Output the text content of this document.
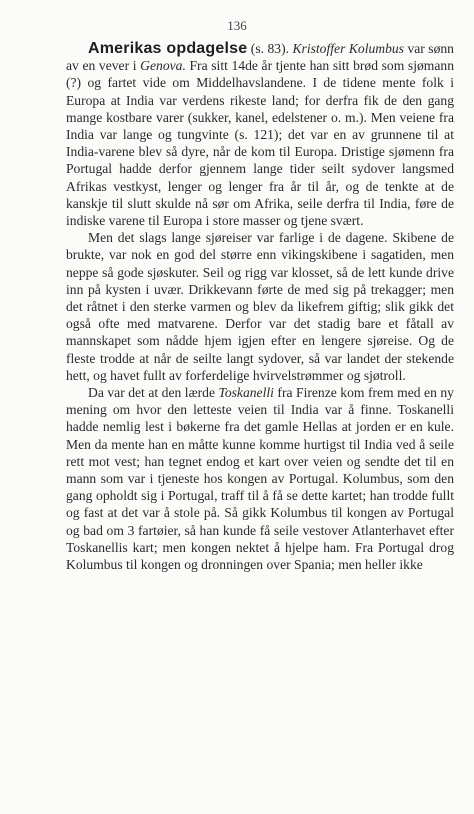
136

Amerikas opdagelse (s. 83). Kristoffer Kolumbus var sønn av en vever i Genova. Fra sitt 14de år tjente han sitt brød som sjømann (?) og fartet vide om Middelhavslandene. I de tidene mente folk i Europa at India var verdens rikeste land; for derfra fik de den gang mange kostbare varer (sukker, kanel, edelstener o. m.). Men veiene fra India var lange og tungvinte (s. 121); det var en av grunnene til at India-varene blev så dyre, når de kom til Europa. Dristige sjømenn fra Portugal hadde derfor gjennem lange tider seilt sydover langsmed Afrikas vestkyst, lenger og lenger fra år til år, og de tenkte at de kanskje til slutt skulde nå sør om Afrika, seile derfra til India, føre de indiske varene til Europa i store masser og tjene svært.

Men det slags lange sjøreiser var farlige i de dagene. Skibene de brukte, var nok en god del større enn vikingskibene i sagatiden, men neppe så gode sjøskuter. Seil og rigg var klosset, så de lett kunde drive inn på kysten i uvær. Drikkevann førte de med sig på trekagger; men det råtnet i den sterke varmen og blev da likefrem giftig; slik gikk det også ofte med matvarene. Derfor var det stadig bare et fåtall av mannskapet som nådde hjem igjen efter en lengere sjøreise. Og de fleste trodde at når de seilte langt sydover, så var landet der stekende hett, og havet fullt av forferdelige hvirvelstrømmer og sjøtroll.

Da var det at den lærde Toskanelli fra Firenze kom frem med en ny mening om hvor den letteste veien til India var å finne. Toskanelli hadde nemlig lest i bøkerne fra det gamle Hellas at jorden er en kule. Men da mente han en måtte kunne komme hurtigst til India ved å seile rett mot vest; han tegnet endog et kart over veien og sendte det til en mann som var i tjeneste hos kongen av Portugal. Kolumbus, som den gang opholdt sig i Portugal, traff til å få se dette kartet; han trodde fullt og fast at det var å stole på. Så gikk Kolumbus til kongen av Portugal og bad om 3 fartøier, så han kunde få seile vestover Atlanterhavet efter Toskanellis kart; men kongen nektet å hjelpe ham. Fra Portugal drog Kolumbus til kongen og dronningen over Spania; men heller ikke
